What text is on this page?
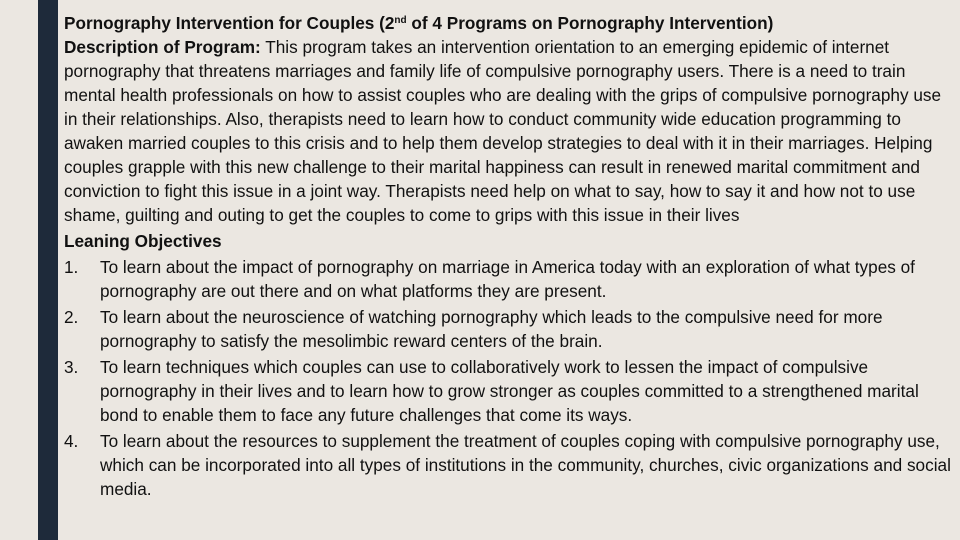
Pornography Intervention for Couples (2nd of 4 Programs on Pornography Intervention)

Description of Program: This program takes an intervention orientation to an emerging epidemic of internet pornography that threatens marriages and family life of compulsive pornography users. There is a need to train mental health professionals on how to assist couples who are dealing with the grips of compulsive pornography use in their relationships. Also, therapists need to learn how to conduct community wide education programming to awaken married couples to this crisis and to help them develop strategies to deal with it in their marriages. Helping couples grapple with this new challenge to their marital happiness can result in renewed marital commitment and conviction to fight this issue in a joint way. Therapists need help on what to say, how to say it and how not to use shame, guilting and outing to get the couples to come to grips with this issue in their lives

Leaning Objectives
1. To learn about the impact of pornography on marriage in America today with an exploration of what types of pornography are out there and on what platforms they are present.
2. To learn about the neuroscience of watching pornography which leads to the compulsive need for more pornography to satisfy the mesolimbic reward centers of the brain.
3. To learn techniques which couples can use to collaboratively work to lessen the impact of compulsive pornography in their lives and to learn how to grow stronger as couples committed to a strengthened marital bond to enable them to face any future challenges that come its ways.
4. To learn about the resources to supplement the treatment of couples coping with compulsive pornography use, which can be incorporated into all types of institutions in the community, churches, civic organizations and social media.
